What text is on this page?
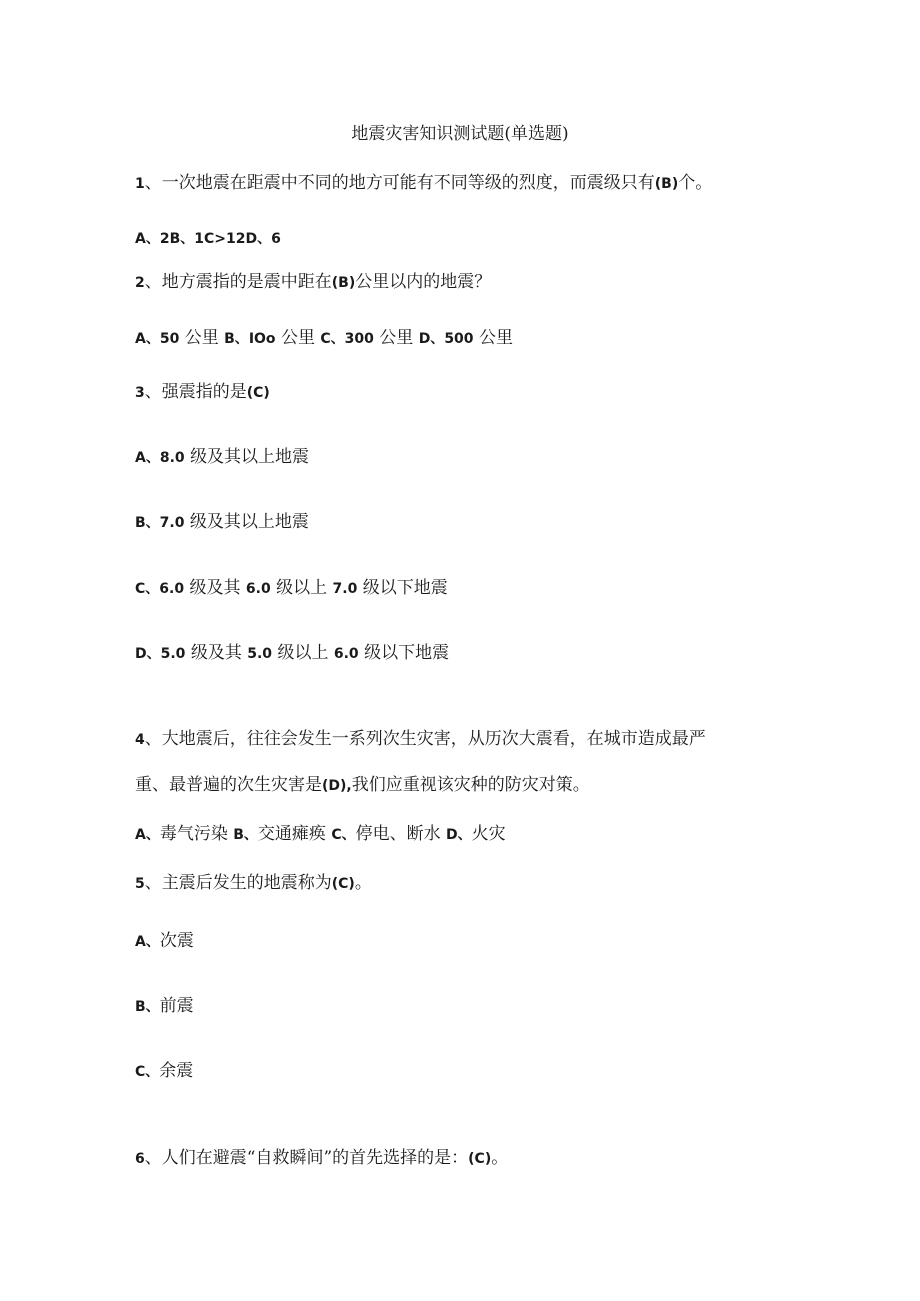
地震灾害知识测试题(单选题)
1、一次地震在距震中不同的地方可能有不同等级的烈度，而震级只有(B)个。
A、2B、1C>12D、6
2、地方震指的是震中距在(B)公里以内的地震？
A、50 公里 B、IOo 公里 C、300 公里 D、500 公里
3、强震指的是(C)
A、8.0 级及其以上地震
B、7.0 级及其以上地震
C、6.0 级及其 6.0 级以上 7.0 级以下地震
D、5.0 级及其 5.0 级以上 6.0 级以下地震
4、大地震后，往往会发生一系列次生灾害，从历次大震看，在城市造成最严
重、最普遍的次生灾害是(D),我们应重视该灾种的防灾对策。
A、毒气污染 B、交通瘫痪 C、停电、断水 D、火灾
5、主震后发生的地震称为(C)。
A、次震
B、前震
C、余震
6、人们在避震“自救瞬间”的首先选择的是：(C)。
